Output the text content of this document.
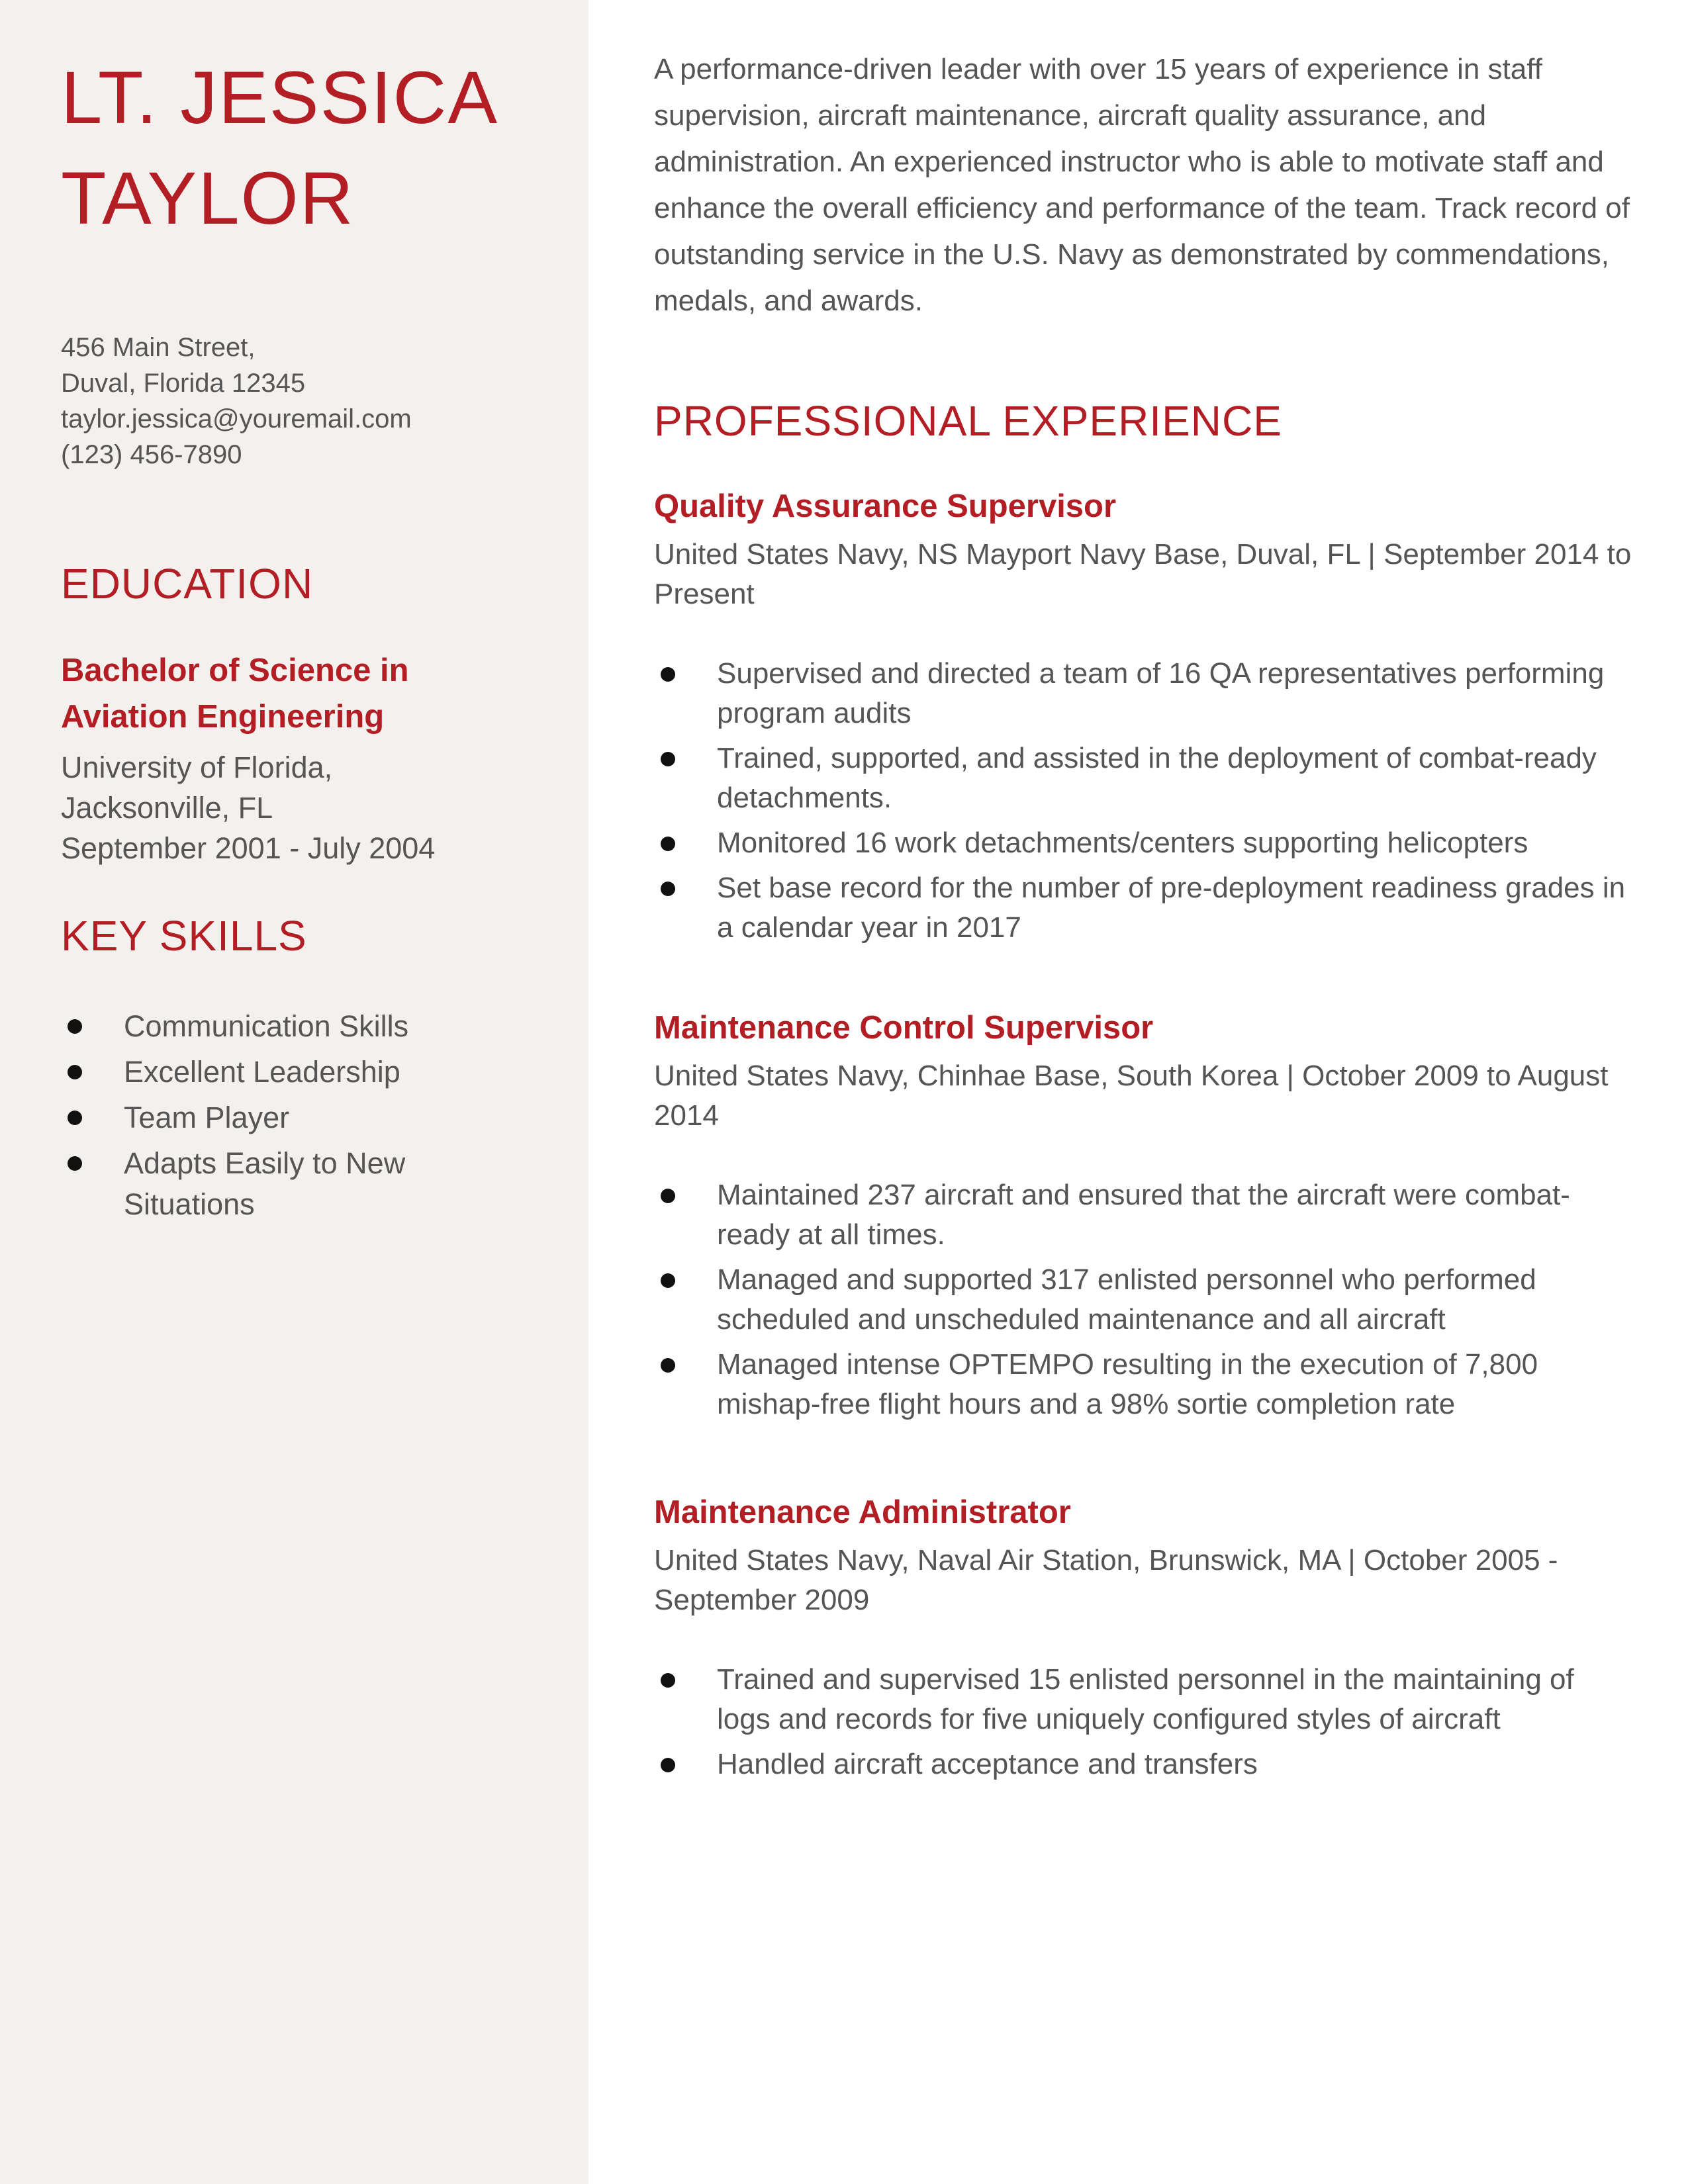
LT. JESSICA TAYLOR
456 Main Street,
Duval, Florida 12345
taylor.jessica@youremail.com
(123) 456-7890
EDUCATION
Bachelor of Science in Aviation Engineering
University of Florida,
Jacksonville, FL
September 2001 - July 2004
KEY SKILLS
Communication Skills
Excellent Leadership
Team Player
Adapts Easily to New Situations

A performance-driven leader with over 15 years of experience in staff supervision, aircraft maintenance, aircraft quality assurance, and administration. An experienced instructor who is able to motivate staff and enhance the overall efficiency and performance of the team. Track record of outstanding service in the U.S. Navy as demonstrated by commendations, medals, and awards.

PROFESSIONAL EXPERIENCE
Quality Assurance Supervisor
United States Navy, NS Mayport Navy Base, Duval, FL | September 2014 to Present
Supervised and directed a team of 16 QA representatives performing program audits
Trained, supported, and assisted in the deployment of combat-ready detachments.
Monitored 16 work detachments/centers supporting helicopters
Set base record for the number of pre-deployment readiness grades in a calendar year in 2017
Maintenance Control Supervisor
United States Navy, Chinhae Base, South Korea | October 2009 to August 2014
Maintained 237 aircraft and ensured that the aircraft were combat-ready at all times.
Managed and supported 317 enlisted personnel who performed scheduled and unscheduled maintenance and all aircraft
Managed intense OPTEMPO resulting in the execution of 7,800 mishap-free flight hours and a 98% sortie completion rate
Maintenance Administrator
United States Navy, Naval Air Station, Brunswick, MA | October 2005 - September 2009
Trained and supervised 15 enlisted personnel in the maintaining of logs and records for five uniquely configured styles of aircraft
Handled aircraft acceptance and transfers
